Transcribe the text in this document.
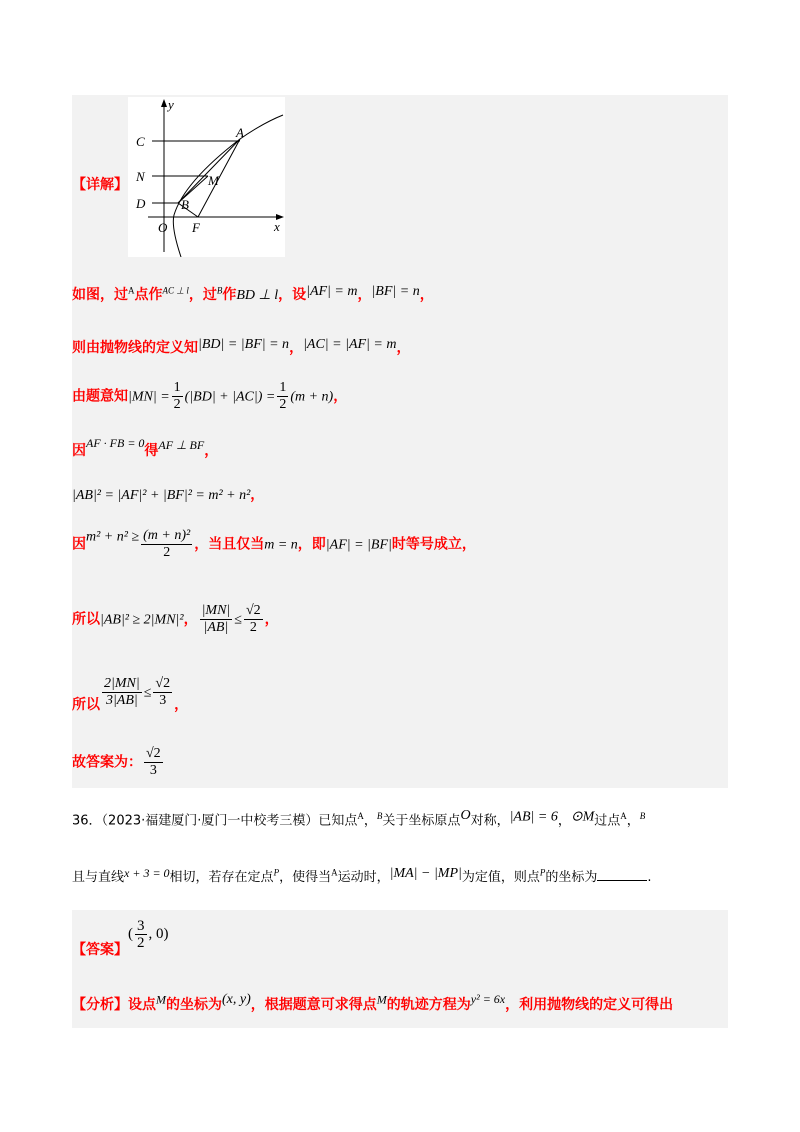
y
C
A
N	M
D	B
O F	x
【详解】
如图，过$^A$点作$^{AC \perp l}$，过$^B$作BD ⊥ l，设|AF| = m，|BF| = n，
则由抛物线的定义知|BD| = |BF| = n，|AC| = |AF| = m，
由题意知$|MN| = \frac{1}{2} (|BD| + |AC|) = \frac{1}{2} (m + n)$，
因AF · FB = 0得AF ⊥ BF，
|AB|² = |AF|² + |BF|² = m² + n²，
因$m^2 + n^2 \ge \frac{\text{(m + n)²}}{2}$ ，当且仅当m = n，即|AF| = |BF|时等号成立，
所以|AB|² ≥ 2|MN|²， $\frac{|MN|}{|AB|} \le \frac{√2}{2}$ ，
所以 $\frac{2|MN|}{3|AB|} \le \frac{√2}{3}$ ，
故答案为： $\frac{√2}{3}$
36．（2023·福建厦门·厦门一中校考三模）已知点$^A$，$^B$关于坐标原点O对称，|AB| = 6，⊙M过点$^A$，$^B$
且与直线x + 3 = 0相切，若存在定点$^P$，使得当$^A$运动时，|MA| − |MP|为定值，则点$^P$的坐标为	.
【答案】( $\frac{3}{2}$ , 0)
【分析】设点M的坐标为(x, y)，根据题意可求得点M的轨迹方程为y² = 6x，利用抛物线的定义可得出
